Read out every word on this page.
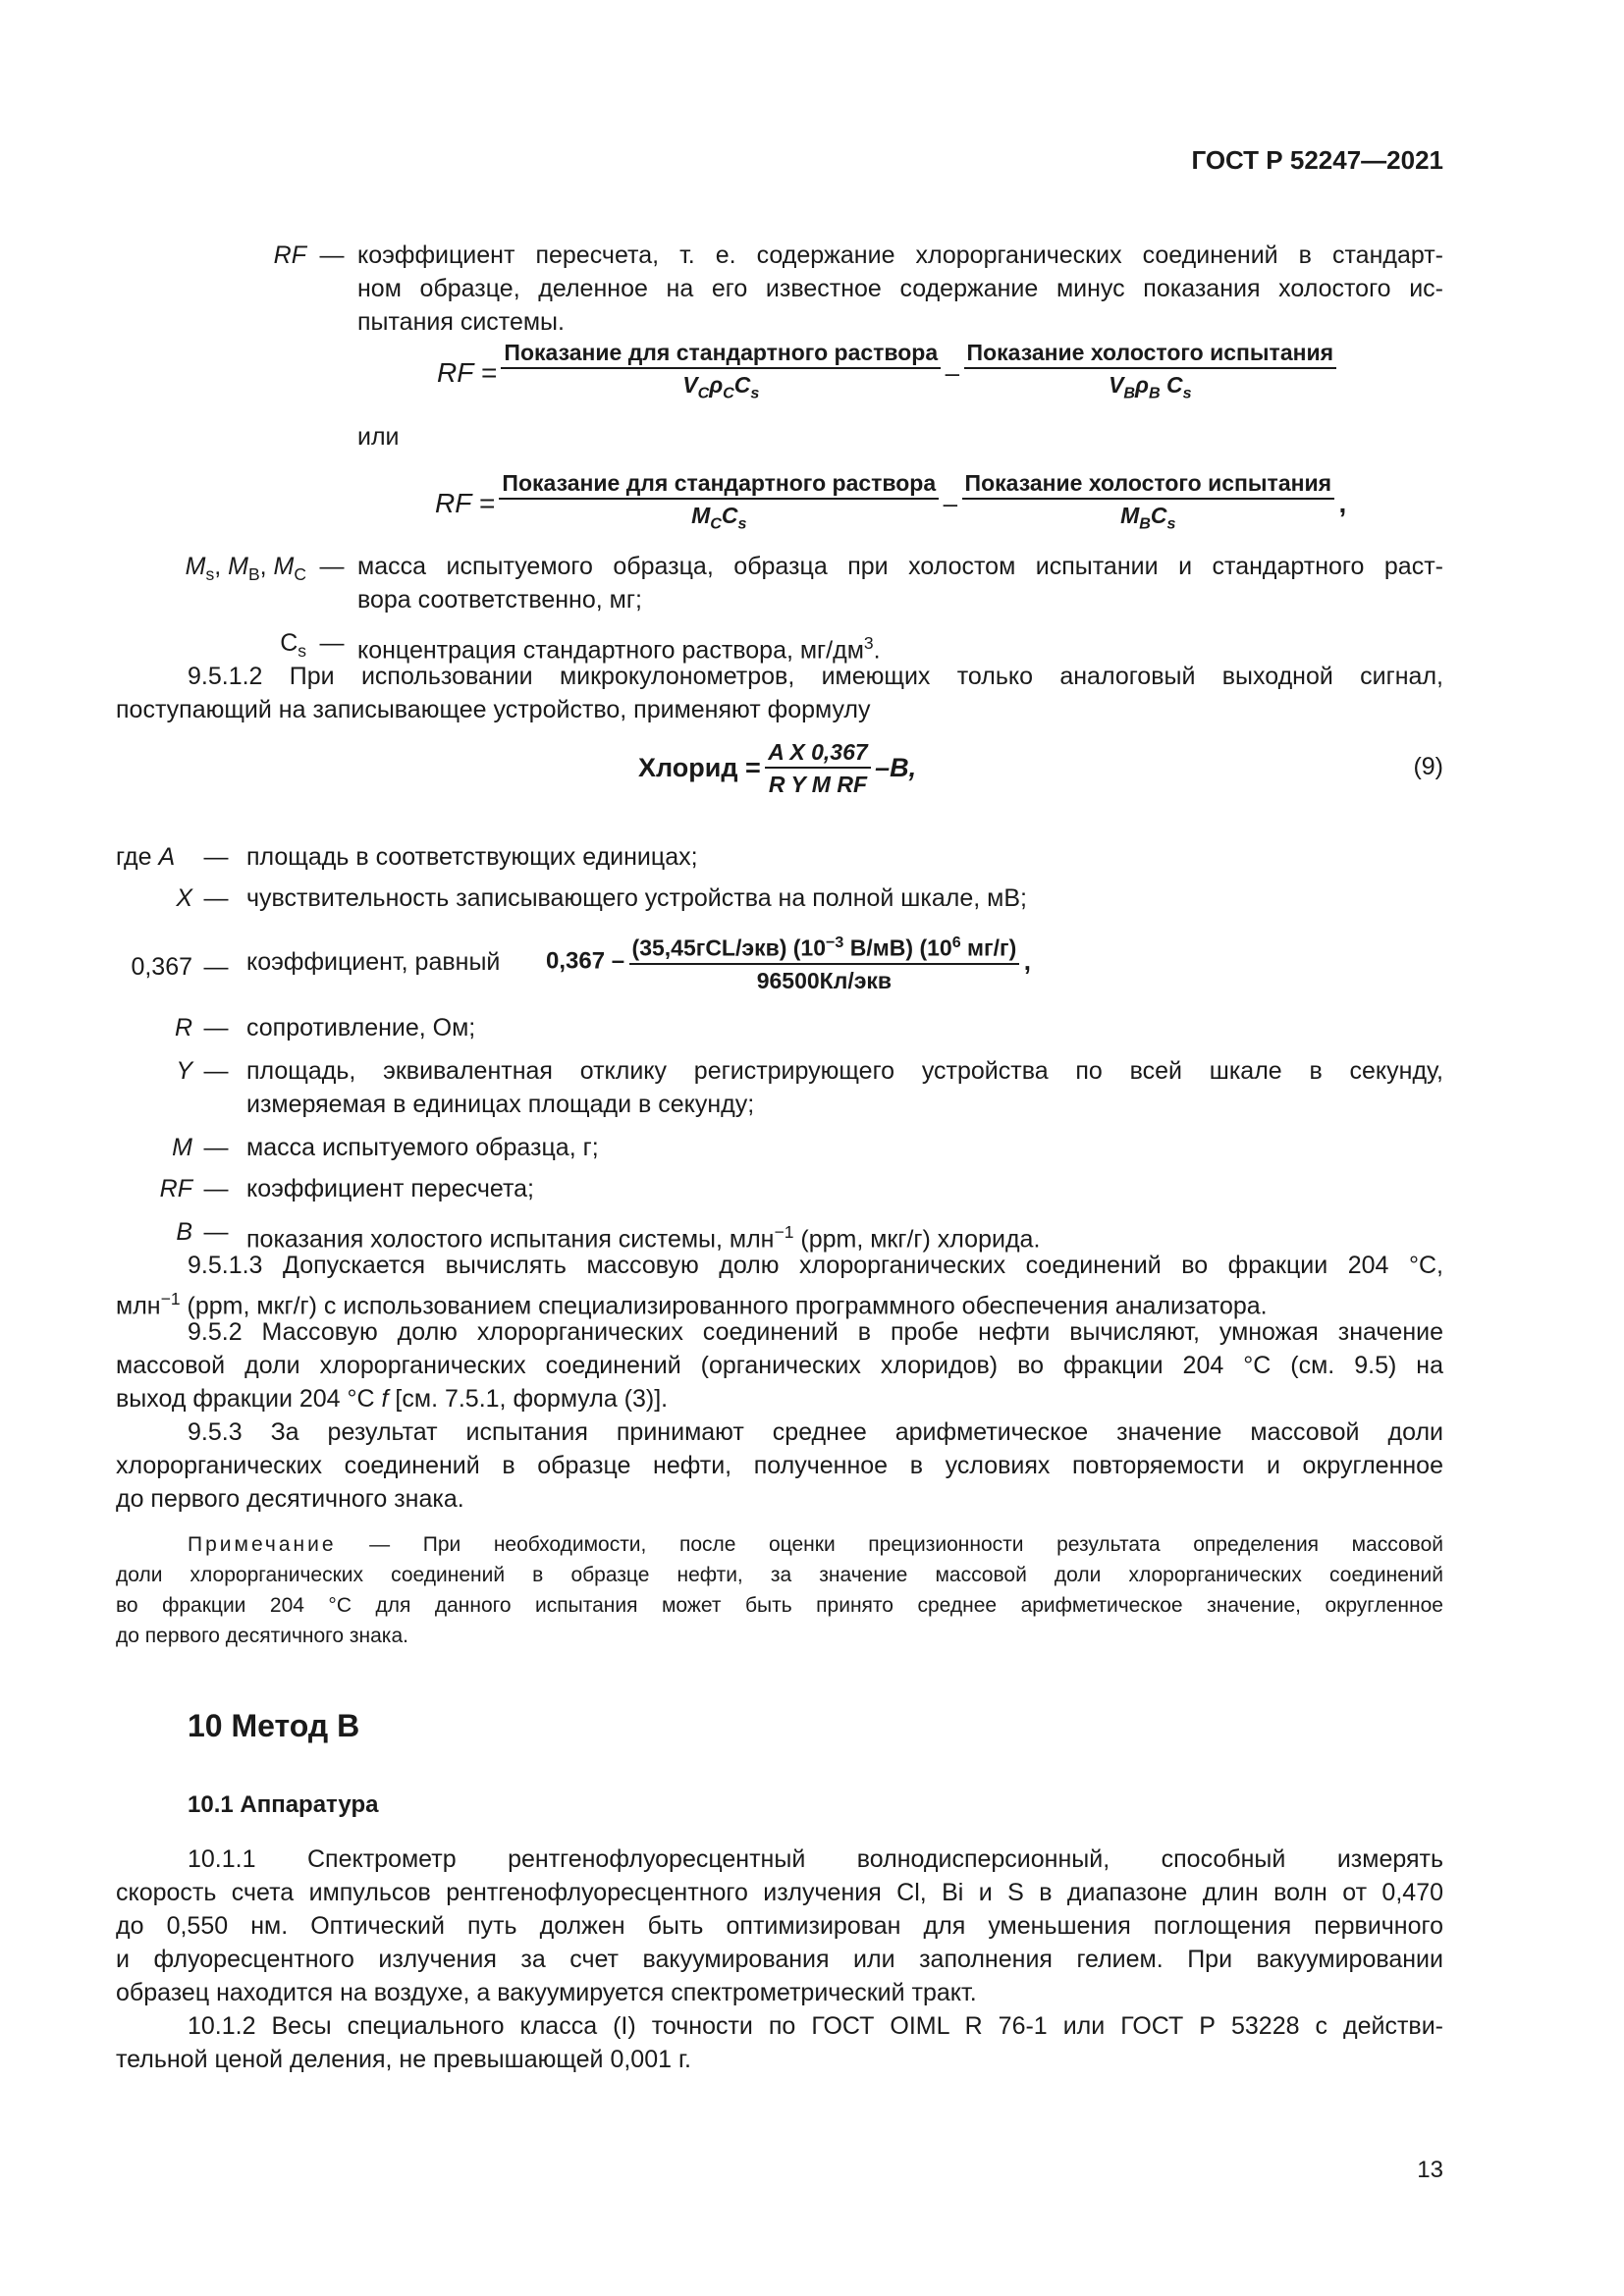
ГОСТ Р 52247—2021
RF — коэффициент пересчета, т. е. содержание хлорорганических соединений в стандарт-
ном образце, деленное на его известное содержание минус показания холостого ис-
пытания системы.
RF = $\frac{\text{Показание для стандартного раствора}}{V_C\rho_CC_s} - \frac{\text{Показание холостого испытания}}{V_B\rho_B C_s}$
или
RF = $\frac{\text{Показание для стандартного раствора}}{M_CC_s} - \frac{\text{Показание холостого испытания}}{M_BC_s}$ ,
$M_s$, $M_B$, $M_C$ — масса испытуемого образца, образца при холостом испытании и стандартного раст-
вора соответственно, мг;
$C_s$ — концентрация стандартного раствора, $мг/дм^3$.
9.5.1.2 При использовании микрокулонометров, имеющих только аналоговый выходной сигнал,
поступающий на записывающее устройство, применяют формулу
Хлорид = $\frac{\text{A X 0,367}}{\text{R Y M RF}} -B$,	(9)
где A	— площадь в соответствующих единицах;
X — чувствительность записывающего устройства на полной шкале, мВ;
0,367 — коэффициент, равный $0,367 - \frac{(35,45гCL/экв) (10^{-3} В/мВ) (10^6 мг/г)}{\text{96500Кл/экв}}$ ,
R — сопротивление, Ом;
Y — площадь, эквивалентная отклику регистрирующего устройства по всей шкале в секунду,
измеряемая в единицах площади в секунду;
M — масса испытуемого образца, г;
RF — коэффициент пересчета;
B — показания холостого испытания системы, млн$^{-1}$ (ppm, мкг/г) хлорида.
9.5.1.3 Допускается вычислять массовую долю хлорорганических соединений во фракции 204 °С,
млн$^{-1}$ (ppm, мкг/г) с использованием специализированного программного обеспечения анализатора.
9.5.2 Массовую долю хлорорганических соединений в пробе нефти вычисляют, умножая значение
массовой доли хлорорганических соединений (органических хлоридов) во фракции 204 °С (см. 9.5) на
выход фракции 204 °С f [см. 7.5.1, формула (3)].
9.5.3 За результат испытания принимают среднее арифметическое значение массовой доли
хлорорганических соединений в образце нефти, полученное в условиях повторяемости и округленное
до первого десятичного знака.
Примечание — При необходимости, после оценки прецизионности результата определения массовой
доли хлорорганических соединений в образце нефти, за значение массовой доли хлорорганических соединений
во фракции 204 °С для данного испытания может быть принято среднее арифметическое значение, округленное
до первого десятичного знака.
10 Метод В
10.1 Аппаратура
10.1.1 Спектрометр рентгенофлуоресцентный волнодисперсионный, способный измерять
скорость счета импульсов рентгенофлуоресцентного излучения Cl, Bi и S в диапазоне длин волн от 0,470
до 0,550 нм. Оптический путь должен быть оптимизирован для уменьшения поглощения первичного
и флуоресцентного излучения за счет вакуумирования или заполнения гелием. При вакуумировании
образец находится на воздухе, а вакуумируется спектрометрический тракт.
10.1.2 Весы специального класса (I) точности по ГОСТ OIML R 76-1 или ГОСТ Р 53228 с действи-
тельной ценой деления, не превышающей 0,001 г.
13
